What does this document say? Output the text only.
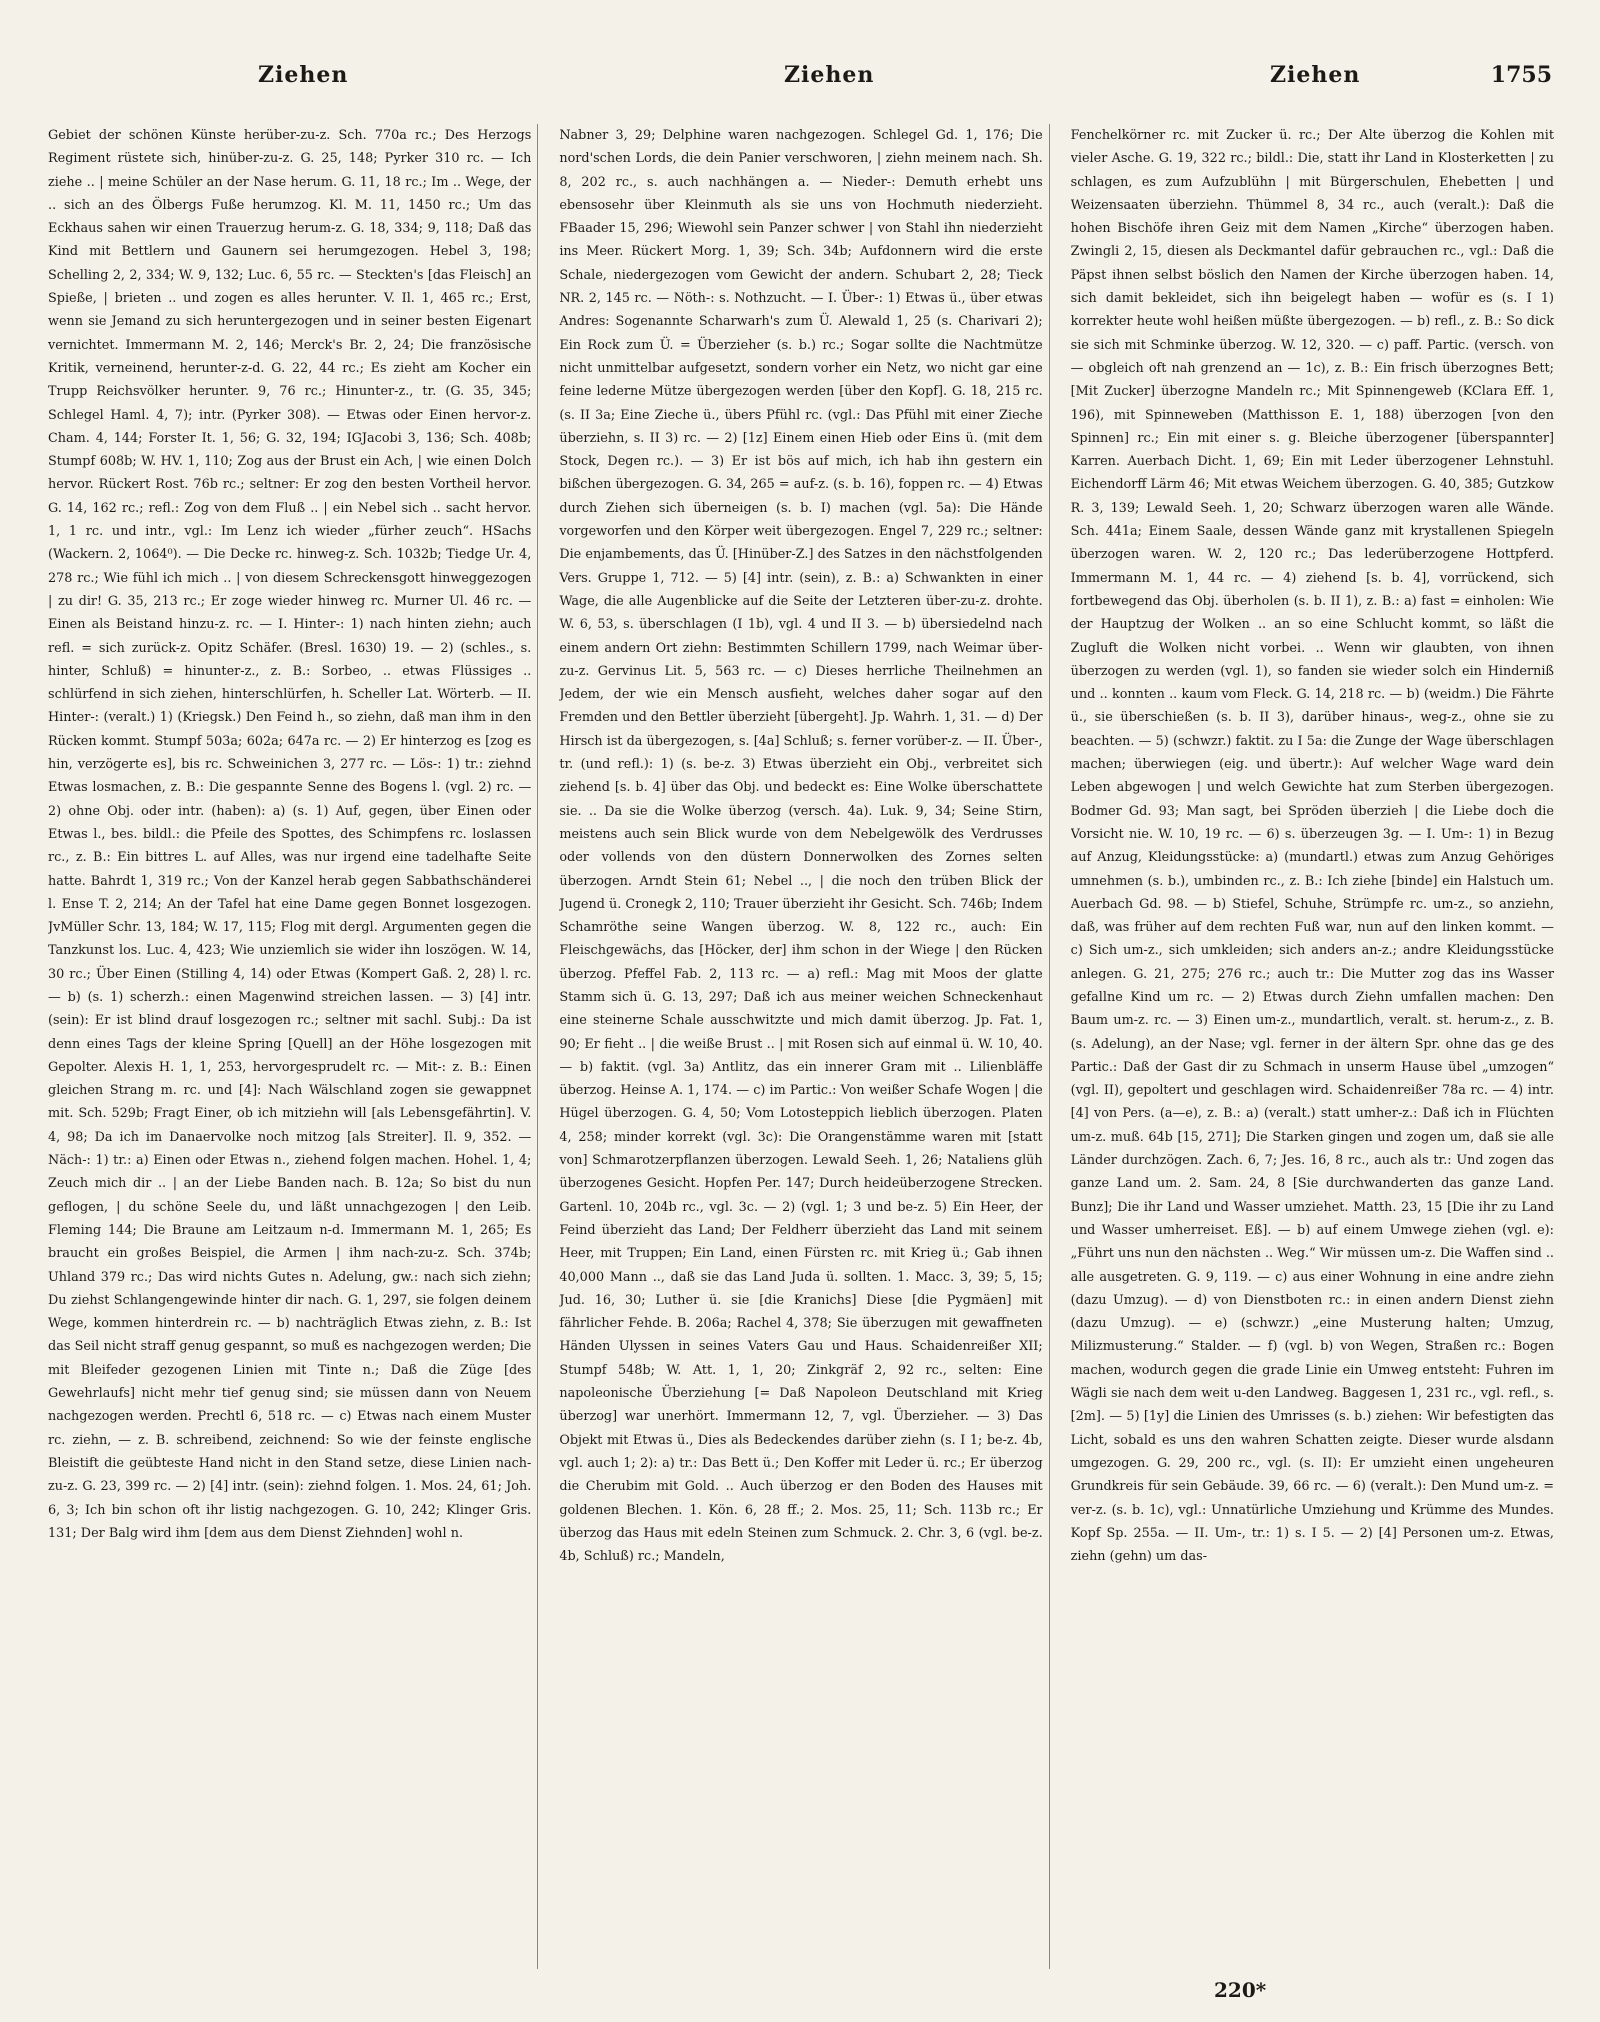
Ziehen	Ziehen	Ziehen	1755

Gebiet der schönen Künste herüber-zu-z. Sch. 770a rc.; Des Herzogs Regiment rüstete sich, hinüber-zu-z. G. 25, 148; Pyrker 310 rc. — Ich ziehe .. | meine Schüler an der Nase herum. G. 11, 18 rc.; Im .. Wege, der .. sich an des Ölbergs Fuße herumzog. Kl. M. 11, 1450 rc.; Um das Eckhaus sahen wir einen Trauerzug herum-z. G. 18, 334; 9, 118; Daß das Kind mit Bettlern und Gaunern sei herumgezogen. Hebel 3, 198; Schelling 2, 2, 334; W. 9, 132; Luc. 6, 55 rc. — Steckten's [das Fleisch] an Spieße, | brieten .. und zogen es alles herunter. V. Il. 1, 465 rc.; Erst, wenn sie Jemand zu sich heruntergezogen und in seiner besten Eigenart vernichtet. Immermann M. 2, 146; Merck's Br. 2, 24; Die französische Kritik, verneinend, herunter-z-d. G. 22, 44 rc.; Es zieht am Kocher ein Trupp Reichsvölker herunter. 9, 76 rc.; Hinunter-z., tr. (G. 35, 345; Schlegel Haml. 4, 7); intr. (Pyrker 308). — Etwas oder Einen hervor-z. Cham. 4, 144; Forster It. 1, 56; G. 32, 194; IGJacobi 3, 136; Sch. 408b; Stumpf 608b; W. HV. 1, 110; Zog aus der Brust ein Ach, | wie einen Dolch hervor. Rückert Rost. 76b rc.; seltner: Er zog den besten Vortheil hervor. G. 14, 162 rc.; refl.: Zog von dem Fluß .. | ein Nebel sich .. sacht hervor. 1, 1 rc. und intr., vgl.: Im Lenz ich wieder „fürher zeuch“. HSachs (Wackern. 2, 1064⁰). — Die Decke rc. hinweg-z. Sch. 1032b; Tiedge Ur. 4, 278 rc.; Wie fühl ich mich .. | von diesem Schreckensgott hinweggezogen | zu dir! G. 35, 213 rc.; Er zoge wieder hinweg rc. Murner Ul. 46 rc. — Einen als Beistand hinzu-z. rc. — I. Hinter-: 1) nach hinten ziehn; auch refl. = sich zurück-z. Opitz Schäfer. (Bresl. 1630) 19. — 2) (schles., s. hinter, Schluß) = hinunter-z., z. B.: Sorbeo, .. etwas Flüssiges .. schlürfend in sich ziehen, hinterschlürfen, h. Scheller Lat. Wörterb. — II. Hinter-: (veralt.) 1) (Kriegsk.) Den Feind h., so ziehn, daß man ihm in den Rücken kommt. Stumpf 503a; 602a; 647a rc. — 2) Er hinterzog es [zog es hin, verzögerte es], bis rc. Schweinichen 3, 277 rc. — Lös-: 1) tr.: ziehnd Etwas losmachen, z. B.: Die gespannte Senne des Bogens l. (vgl. 2) rc. — 2) ohne Obj. oder intr. (haben): a) (s. 1) Auf, gegen, über Einen oder Etwas l., bes. bildl.: die Pfeile des Spottes, des Schimpfens rc. loslassen rc., z. B.: Ein bittres L. auf Alles, was nur irgend eine tadelhafte Seite hatte. Bahrdt 1, 319 rc.; Von der Kanzel herab gegen Sabbathschänderei l. Ense T. 2, 214; An der Tafel hat eine Dame gegen Bonnet losgezogen. JvMüller Schr. 13, 184; W. 17, 115; Flog mit dergl. Argumenten gegen die Tanzkunst los. Luc. 4, 423; Wie unziemlich sie wider ihn loszögen. W. 14, 30 rc.; Über Einen (Stilling 4, 14) oder Etwas (Kompert Gaß. 2, 28) l. rc. — b) (s. 1) scherzh.: einen Magenwind streichen lassen. — 3) [4] intr. (sein): Er ist blind drauf losgezogen rc.; seltner mit sachl. Subj.: Da ist denn eines Tags der kleine Spring [Quell] an der Höhe losgezogen mit Gepolter. Alexis H. 1, 1, 253, hervorgesprudelt rc. — Mit-: z. B.: Einen gleichen Strang m. rc. und [4]: Nach Wälschland zogen sie gewappnet mit. Sch. 529b; Fragt Einer, ob ich mitziehn will [als Lebensgefährtin]. V. 4, 98; Da ich im Danaervolke noch mitzog [als Streiter]. Il. 9, 352. — Näch-: 1) tr.: a) Einen oder Etwas n., ziehend folgen machen. Hohel. 1, 4; Zeuch mich dir .. | an der Liebe Banden nach. B. 12a; So bist du nun geflogen, | du schöne Seele du, und läßt unnachgezogen | den Leib. Fleming 144; Die Braune am Leitzaum n-d. Immermann M. 1, 265; Es braucht ein großes Beispiel, die Armen | ihm nach-zu-z. Sch. 374b; Uhland 379 rc.; Das wird nichts Gutes n. Adelung, gw.: nach sich ziehn; Du ziehst Schlangengewinde hinter dir nach. G. 1, 297, sie folgen deinem Wege, kommen hinterdrein rc. — b) nachträglich Etwas ziehn, z. B.: Ist das Seil nicht straff genug gespannt, so muß es nachgezogen werden; Die mit Bleifeder gezogenen Linien mit Tinte n.; Daß die Züge [des Gewehrlaufs] nicht mehr tief genug sind; sie müssen dann von Neuem nachgezogen werden. Prechtl 6, 518 rc. — c) Etwas nach einem Muster rc. ziehn, — z. B. schreibend, zeichnend: So wie der feinste englische Bleistift die geübteste Hand nicht in den Stand setze, diese Linien nach-zu-z. G. 23, 399 rc. — 2) [4] intr. (sein): ziehnd folgen. 1. Mos. 24, 61; Joh. 6, 3; Ich bin schon oft ihr listig nachgezogen. G. 10, 242; Klinger Gris. 131; Der Balg wird ihm [dem aus dem Dienst Ziehnden] wohl n.

Nabner 3, 29; Delphine waren nachgezogen. Schlegel Gd. 1, 176; Die nord'schen Lords, die dein Panier verschworen, | ziehn meinem nach. Sh. 8, 202 rc., s. auch nachhängen a. — Nieder-: Demuth erhebt uns ebensosehr über Kleinmuth als sie uns von Hochmuth niederzieht. FBaader 15, 296; Wiewohl sein Panzer schwer | von Stahl ihn niederzieht ins Meer. Rückert Morg. 1, 39; Sch. 34b; Aufdonnern wird die erste Schale, niedergezogen vom Gewicht der andern. Schubart 2, 28; Tieck NR. 2, 145 rc. — Nöth-: s. Nothzucht. — I. Über-: 1) Etwas ü., über etwas Andres: Sogenannte Scharwarh's zum Ü. Alewald 1, 25 (s. Charivari 2); Ein Rock zum Ü. = Überzieher (s. b.) rc.; Sogar sollte die Nachtmütze nicht unmittelbar aufgesetzt, sondern vorher ein Netz, wo nicht gar eine feine lederne Mütze übergezogen werden [über den Kopf]. G. 18, 215 rc. (s. II 3a; Eine Zieche ü., übers Pfühl rc. (vgl.: Das Pfühl mit einer Zieche überziehn, s. II 3) rc. — 2) [1z] Einem einen Hieb oder Eins ü. (mit dem Stock, Degen rc.). — 3) Er ist bös auf mich, ich hab ihn gestern ein bißchen übergezogen. G. 34, 265 = auf-z. (s. b. 16), foppen rc. — 4) Etwas durch Ziehen sich überneigen (s. b. I) machen (vgl. 5a): Die Hände vorgeworfen und den Körper weit übergezogen. Engel 7, 229 rc.; seltner: Die enjambements, das Ü. [Hinüber-Z.] des Satzes in den nächstfolgenden Vers. Gruppe 1, 712. — 5) [4] intr. (sein), z. B.: a) Schwankten in einer Wage, die alle Augenblicke auf die Seite der Letzteren über-zu-z. drohte. W. 6, 53, s. überschlagen (I 1b), vgl. 4 und II 3. — b) übersiedelnd nach einem andern Ort ziehn: Bestimmten Schillern 1799, nach Weimar über-zu-z. Gervinus Lit. 5, 563 rc. — c) Dieses herrliche Theilnehmen an Jedem, der wie ein Mensch ausfieht, welches daher sogar auf den Fremden und den Bettler überzieht [übergeht]. Jp. Wahrh. 1, 31. — d) Der Hirsch ist da übergezogen, s. [4a] Schluß; s. ferner vorüber-z. — II. Über-, tr. (und refl.): 1) (s. be-z. 3) Etwas überzieht ein Obj., verbreitet sich ziehend [s. b. 4] über das Obj. und bedeckt es: Eine Wolke überschattete sie. .. Da sie die Wolke überzog (versch. 4a). Luk. 9, 34; Seine Stirn, meistens auch sein Blick wurde von dem Nebelgewölk des Verdrusses oder vollends von den düstern Donnerwolken des Zornes selten überzogen. Arndt Stein 61; Nebel .., | die noch den trüben Blick der Jugend ü. Cronegk 2, 110; Trauer überzieht ihr Gesicht. Sch. 746b; Indem Schamröthe seine Wangen überzog. W. 8, 122 rc., auch: Ein Fleischgewächs, das [Höcker, der] ihm schon in der Wiege | den Rücken überzog. Pfeffel Fab. 2, 113 rc. — a) refl.: Mag mit Moos der glatte Stamm sich ü. G. 13, 297; Daß ich aus meiner weichen Schneckenhaut eine steinerne Schale ausschwitzte und mich damit überzog. Jp. Fat. 1, 90; Er fieht .. | die weiße Brust .. | mit Rosen sich auf einmal ü. W. 10, 40. — b) faktit. (vgl. 3a) Antlitz, das ein innerer Gram mit .. Lilienbläffe überzog. Heinse A. 1, 174. — c) im Partic.: Von weißer Schafe Wogen | die Hügel überzogen. G. 4, 50; Vom Lotosteppich lieblich überzogen. Platen 4, 258; minder korrekt (vgl. 3c): Die Orangenstämme waren mit [statt von] Schmarotzerpflanzen überzogen. Lewald Seeh. 1, 26; Nataliens glüh überzogenes Gesicht. Hopfen Per. 147; Durch heideüberzogene Strecken. Gartenl. 10, 204b rc., vgl. 3c. — 2) (vgl. 1; 3 und be-z. 5) Ein Heer, der Feind überzieht das Land; Der Feldherr überzieht das Land mit seinem Heer, mit Truppen; Ein Land, einen Fürsten rc. mit Krieg ü.; Gab ihnen 40,000 Mann .., daß sie das Land Juda ü. sollten. 1. Macc. 3, 39; 5, 15; Jud. 16, 30; Luther ü. sie [die Kranichs] Diese [die Pygmäen] mit fährlicher Fehde. B. 206a; Rachel 4, 378; Sie überzugen mit gewaffneten Händen Ulyssen in seines Vaters Gau und Haus. Schaidenreißer XII; Stumpf 548b; W. Att. 1, 1, 20; Zinkgräf 2, 92 rc., selten: Eine napoleonische Überziehung [= Daß Napoleon Deutschland mit Krieg überzog] war unerhört. Immermann 12, 7, vgl. Überzieher. — 3) Das Objekt mit Etwas ü., Dies als Bedeckendes darüber ziehn (s. I 1; be-z. 4b, vgl. auch 1; 2): a) tr.: Das Bett ü.; Den Koffer mit Leder ü. rc.; Er überzog die Cherubim mit Gold. .. Auch überzog er den Boden des Hauses mit goldenen Blechen. 1. Kön. 6, 28 ff.; 2. Mos. 25, 11; Sch. 113b rc.; Er überzog das Haus mit edeln Steinen zum Schmuck. 2. Chr. 3, 6 (vgl. be-z. 4b, Schluß) rc.; Mandeln,

Fenchelkörner rc. mit Zucker ü. rc.; Der Alte überzog die Kohlen mit vieler Asche. G. 19, 322 rc.; bildl.: Die, statt ihr Land in Klosterketten | zu schlagen, es zum Aufzublühn | mit Bürgerschulen, Ehebetten | und Weizensaaten überziehn. Thümmel 8, 34 rc., auch (veralt.): Daß die hohen Bischöfe ihren Geiz mit dem Namen „Kirche“ überzogen haben. Zwingli 2, 15, diesen als Deckmantel dafür gebrauchen rc., vgl.: Daß die Päpst ihnen selbst böslich den Namen der Kirche überzogen haben. 14, sich damit bekleidet, sich ihn beigelegt haben — wofür es (s. I 1) korrekter heute wohl heißen müßte übergezogen. — b) refl., z. B.: So dick sie sich mit Schminke überzog. W. 12, 320. — c) paff. Partic. (versch. von — obgleich oft nah grenzend an — 1c), z. B.: Ein frisch überzognes Bett; [Mit Zucker] überzogne Mandeln rc.; Mit Spinnengeweb (KClara Eff. 1, 196), mit Spinneweben (Matthisson E. 1, 188) überzogen [von den Spinnen] rc.; Ein mit einer s. g. Bleiche überzogener [überspannter] Karren. Auerbach Dicht. 1, 69; Ein mit Leder überzogener Lehnstuhl. Eichendorff Lärm 46; Mit etwas Weichem überzogen. G. 40, 385; Gutzkow R. 3, 139; Lewald Seeh. 1, 20; Schwarz überzogen waren alle Wände. Sch. 441a; Einem Saale, dessen Wände ganz mit krystallenen Spiegeln überzogen waren. W. 2, 120 rc.; Das lederüberzogene Hottpferd. Immermann M. 1, 44 rc. — 4) ziehend [s. b. 4], vorrückend, sich fortbewegend das Obj. überholen (s. b. II 1), z. B.: a) fast = einholen: Wie der Hauptzug der Wolken .. an so eine Schlucht kommt, so läßt die Zugluft die Wolken nicht vorbei. .. Wenn wir glaubten, von ihnen überzogen zu werden (vgl. 1), so fanden sie wieder solch ein Hinderniß und .. konnten .. kaum vom Fleck. G. 14, 218 rc. — b) (weidm.) Die Fährte ü., sie überschießen (s. b. II 3), darüber hinaus-, weg-z., ohne sie zu beachten. — 5) (schwzr.) faktit. zu I 5a: die Zunge der Wage überschlagen machen; überwiegen (eig. und übertr.): Auf welcher Wage ward dein Leben abgewogen | und welch Gewichte hat zum Sterben übergezogen. Bodmer Gd. 93; Man sagt, bei Spröden überzieh | die Liebe doch die Vorsicht nie. W. 10, 19 rc. — 6) s. überzeugen 3g. — I. Um-: 1) in Bezug auf Anzug, Kleidungsstücke: a) (mundartl.) etwas zum Anzug Gehöriges umnehmen (s. b.), umbinden rc., z. B.: Ich ziehe [binde] ein Halstuch um. Auerbach Gd. 98. — b) Stiefel, Schuhe, Strümpfe rc. um-z., so anziehn, daß, was früher auf dem rechten Fuß war, nun auf den linken kommt. — c) Sich um-z., sich umkleiden; sich anders an-z.; andre Kleidungsstücke anlegen. G. 21, 275; 276 rc.; auch tr.: Die Mutter zog das ins Wasser gefallne Kind um rc. — 2) Etwas durch Ziehn umfallen machen: Den Baum um-z. rc. — 3) Einen um-z., mundartlich, veralt. st. herum-z., z. B. (s. Adelung), an der Nase; vgl. ferner in der ältern Spr. ohne das ge des Partic.: Daß der Gast dir zu Schmach in unserm Hause übel „umzogen“ (vgl. II), gepoltert und geschlagen wird. Schaidenreißer 78a rc. — 4) intr. [4] von Pers. (a—e), z. B.: a) (veralt.) statt umher-z.: Daß ich in Flüchten um-z. muß. 64b [15, 271]; Die Starken gingen und zogen um, daß sie alle Länder durchzögen. Zach. 6, 7; Jes. 16, 8 rc., auch als tr.: Und zogen das ganze Land um. 2. Sam. 24, 8 [Sie durchwanderten das ganze Land. Bunz]; Die ihr Land und Wasser umziehet. Matth. 23, 15 [Die ihr zu Land und Wasser umherreiset. Eß]. — b) auf einem Umwege ziehen (vgl. e): „Führt uns nun den nächsten .. Weg.“ Wir müssen um-z. Die Waffen sind .. alle ausgetreten. G. 9, 119. — c) aus einer Wohnung in eine andre ziehn (dazu Umzug). — d) von Dienstboten rc.: in einen andern Dienst ziehn (dazu Umzug). — e) (schwzr.) „eine Musterung halten; Umzug, Milizmusterung.“ Stalder. — f) (vgl. b) von Wegen, Straßen rc.: Bogen machen, wodurch gegen die grade Linie ein Umweg entsteht: Fuhren im Wägli sie nach dem weit u-den Landweg. Baggesen 1, 231 rc., vgl. refl., s. [2m]. — 5) [1y] die Linien des Umrisses (s. b.) ziehen: Wir befestigten das Licht, sobald es uns den wahren Schatten zeigte. Dieser wurde alsdann umgezogen. G. 29, 200 rc., vgl. (s. II): Er umzieht einen ungeheuren Grundkreis für sein Gebäude. 39, 66 rc. — 6) (veralt.): Den Mund um-z. = ver-z. (s. b. 1c), vgl.: Unnatürliche Umziehung und Krümme des Mundes. Kopf Sp. 255a. — II. Um-, tr.: 1) s. I 5. — 2) [4] Personen um-z. Etwas, ziehn (gehn) um das-

220*
